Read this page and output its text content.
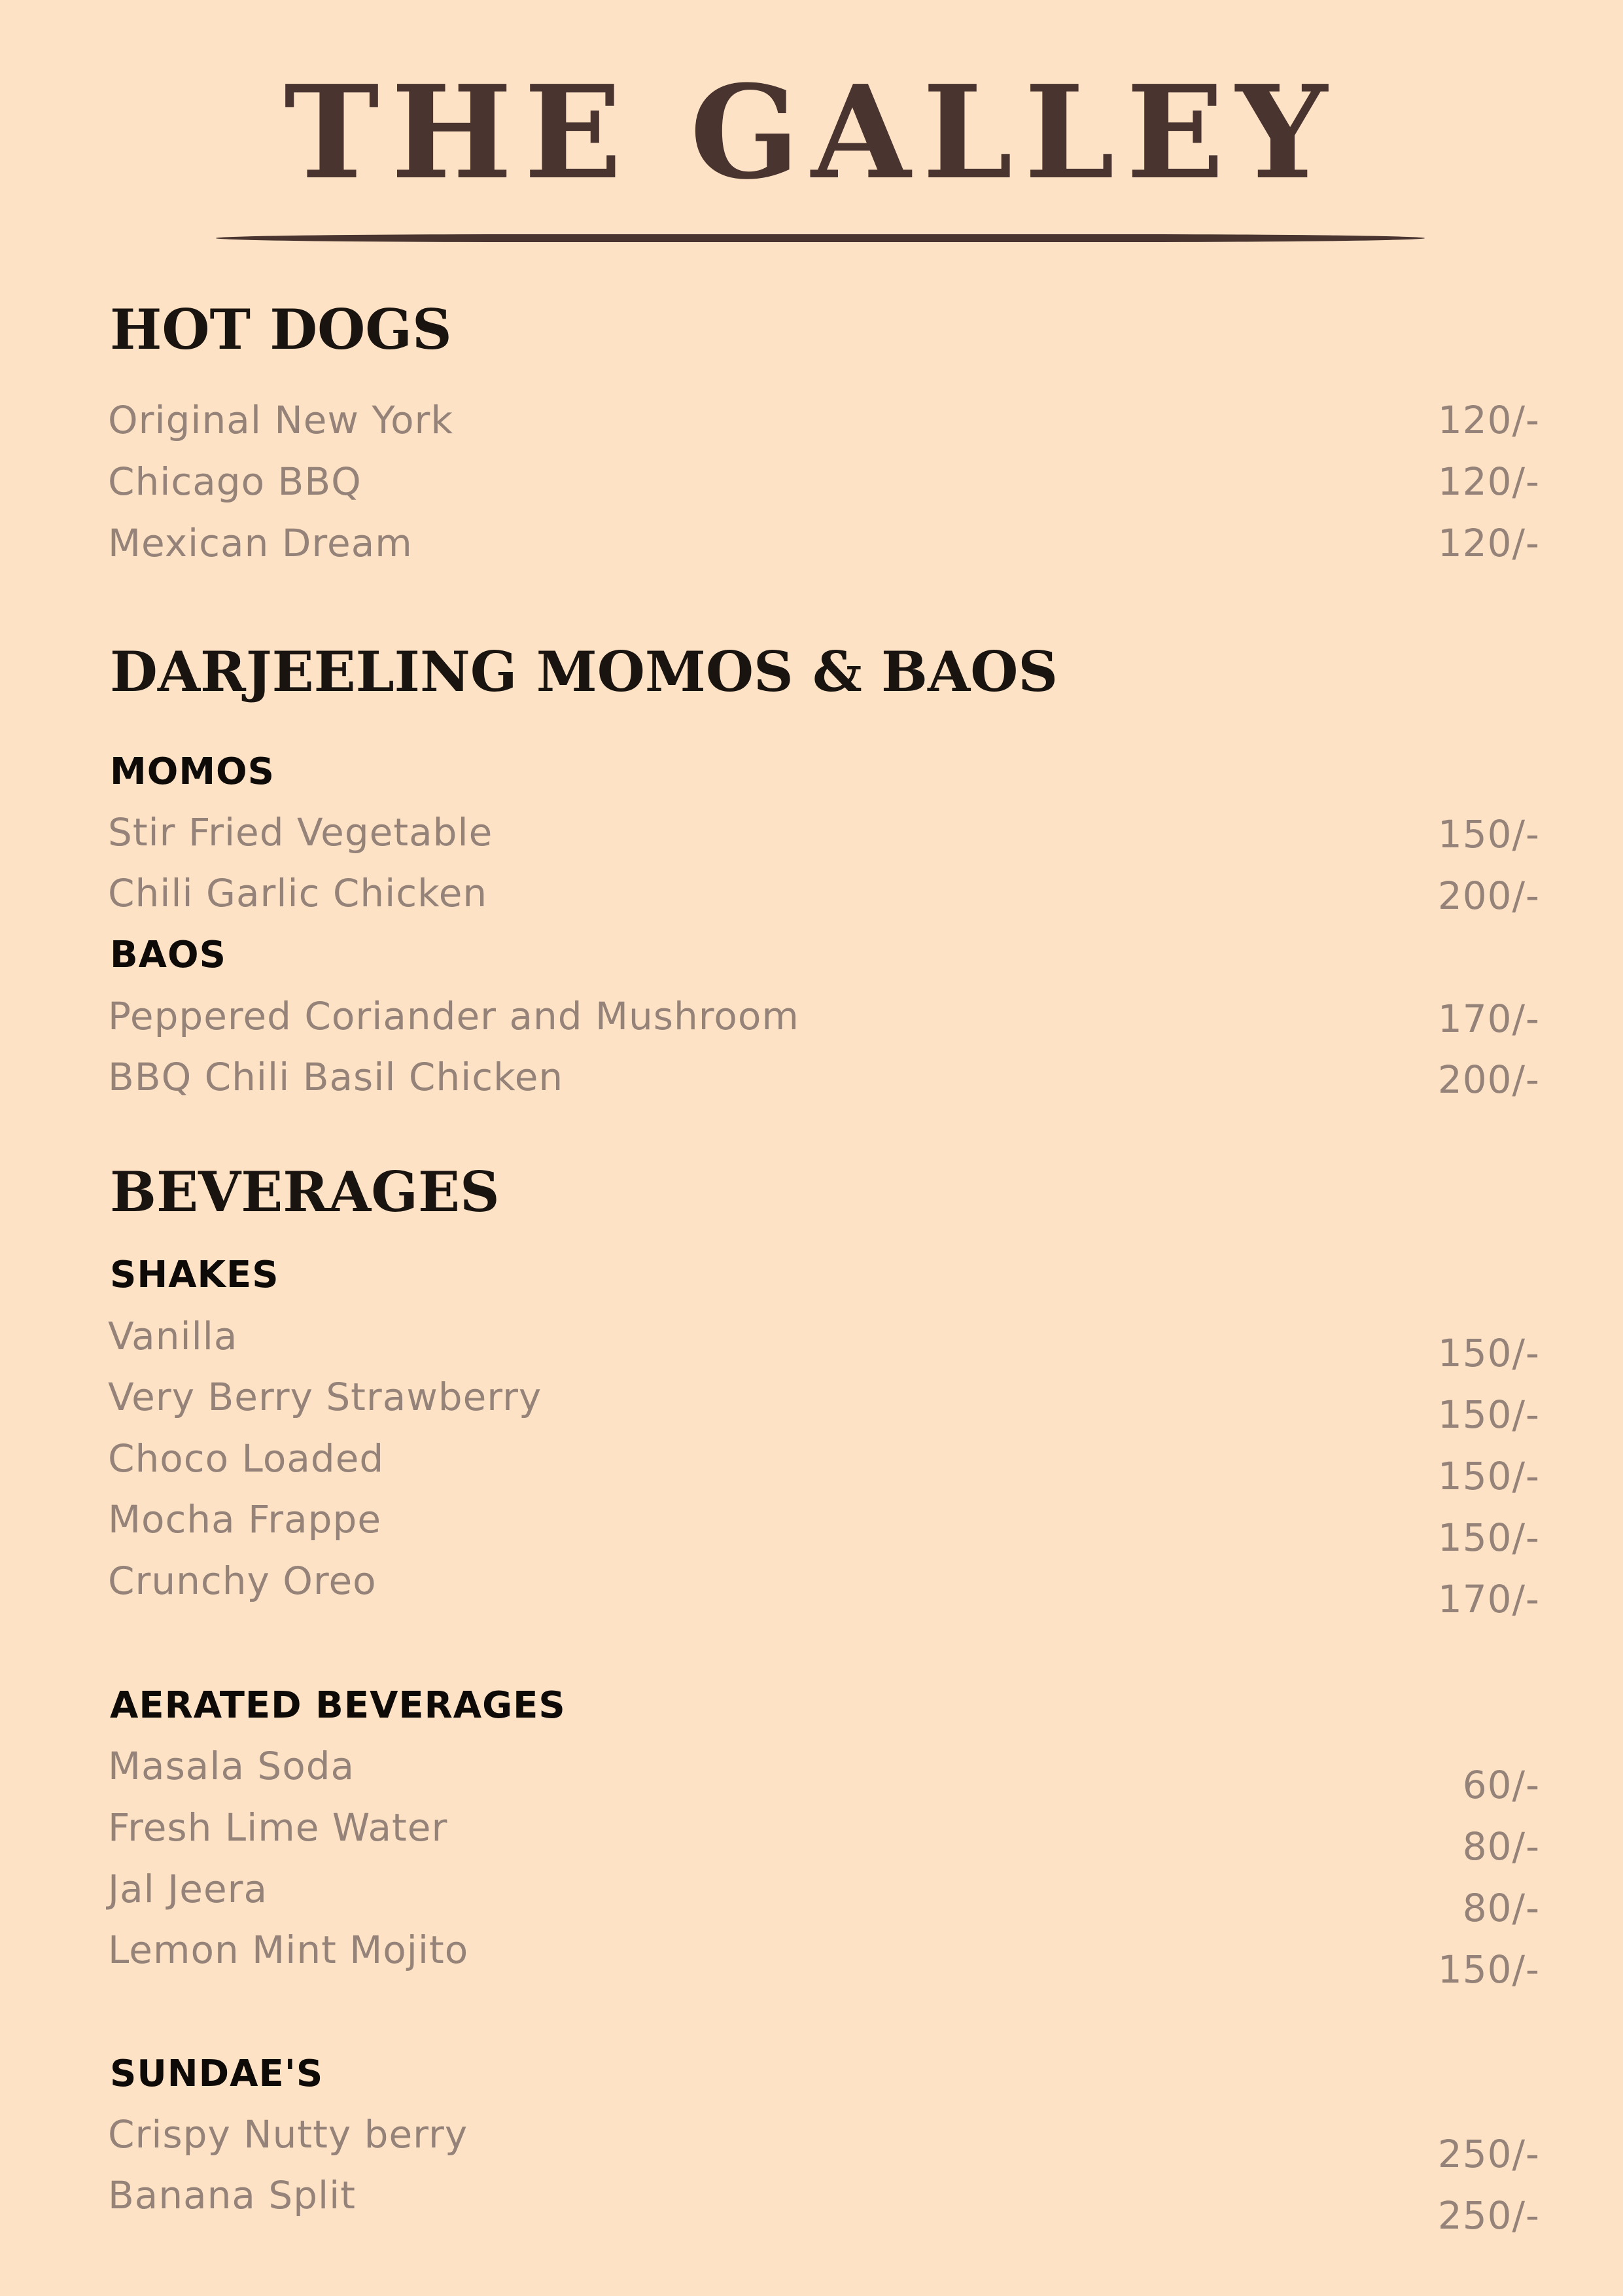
THE GALLEY
HOT DOGS
Original New York	120/-
Chicago BBQ	120/-
Mexican Dream	120/-
DARJEELING MOMOS & BAOS
MOMOS
Stir Fried Vegetable	150/-
Chili Garlic Chicken	200/-
BAOS
Peppered Coriander and Mushroom	170/-
BBQ Chili Basil Chicken	200/-
BEVERAGES
SHAKES
Vanilla	150/-
Very Berry Strawberry	150/-
Choco Loaded	150/-
Mocha Frappe	150/-
Crunchy Oreo	170/-
AERATED BEVERAGES
Masala Soda	60/-
Fresh Lime Water	80/-
Jal Jeera	80/-
Lemon Mint Mojito	150/-
SUNDAE'S
Crispy Nutty berry	250/-
Banana Split	250/-
